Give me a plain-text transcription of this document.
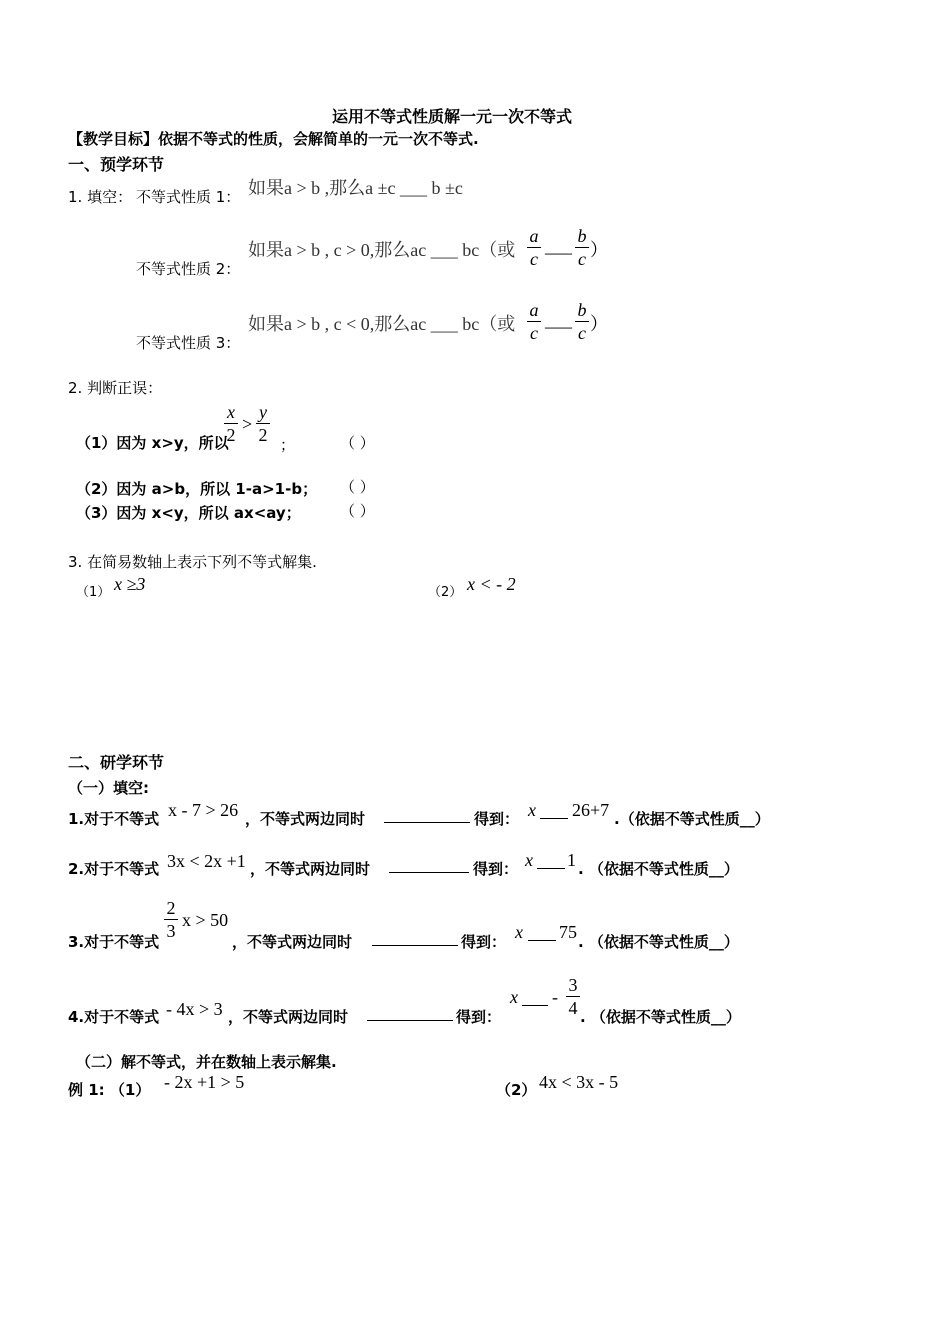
运用不等式性质解一元一次不等式
【教学目标】依据不等式的性质，会解简单的一元一次不等式.
一、预学环节
1. 填空： 不等式性质 1： 如果a > b ,那么a ±c ___ b ±c
不等式性质 2：
如果a > b , c > 0,那么ac ___ bc（或
a
c
___ b
c ）
不等式性质 3：
如果a > b , c < 0,那么ac ___ bc（或
a
c
___ b
c ）
2. 判断正误：
（1）因为 x>y，所以
x
2
>
y
2 ；	（ ）
（2）因为 a>b，所以 1-a>1-b； （ ）
（3）因为 x<y，所以 ax<ay；	（ ）
3. 在简易数轴上表示下列不等式解集.
（1） x ≥3	（2） x < - 2
二、研学环节
（一）填空:
1.对于不等式 x - 7 > 26 ，不等式两边同时	得到： x 26+7 .（依据不等式性质__）
2.对于不等式 3x < 2x +1 ，不等式两边同时	得到： x 1 . （依据不等式性质__）
3.对于不等式
2
3
x > 50
，不等式两边同时	得到： x 75 . （依据不等式性质__）
4.对于不等式 - 4x > 3 ，不等式两边同时	得到：
x -
3
4 . （依据不等式性质__）
（二）解不等式，并在数轴上表示解集.
例 1: （1） - 2x +1 > 5	（2） 4x < 3x - 5
